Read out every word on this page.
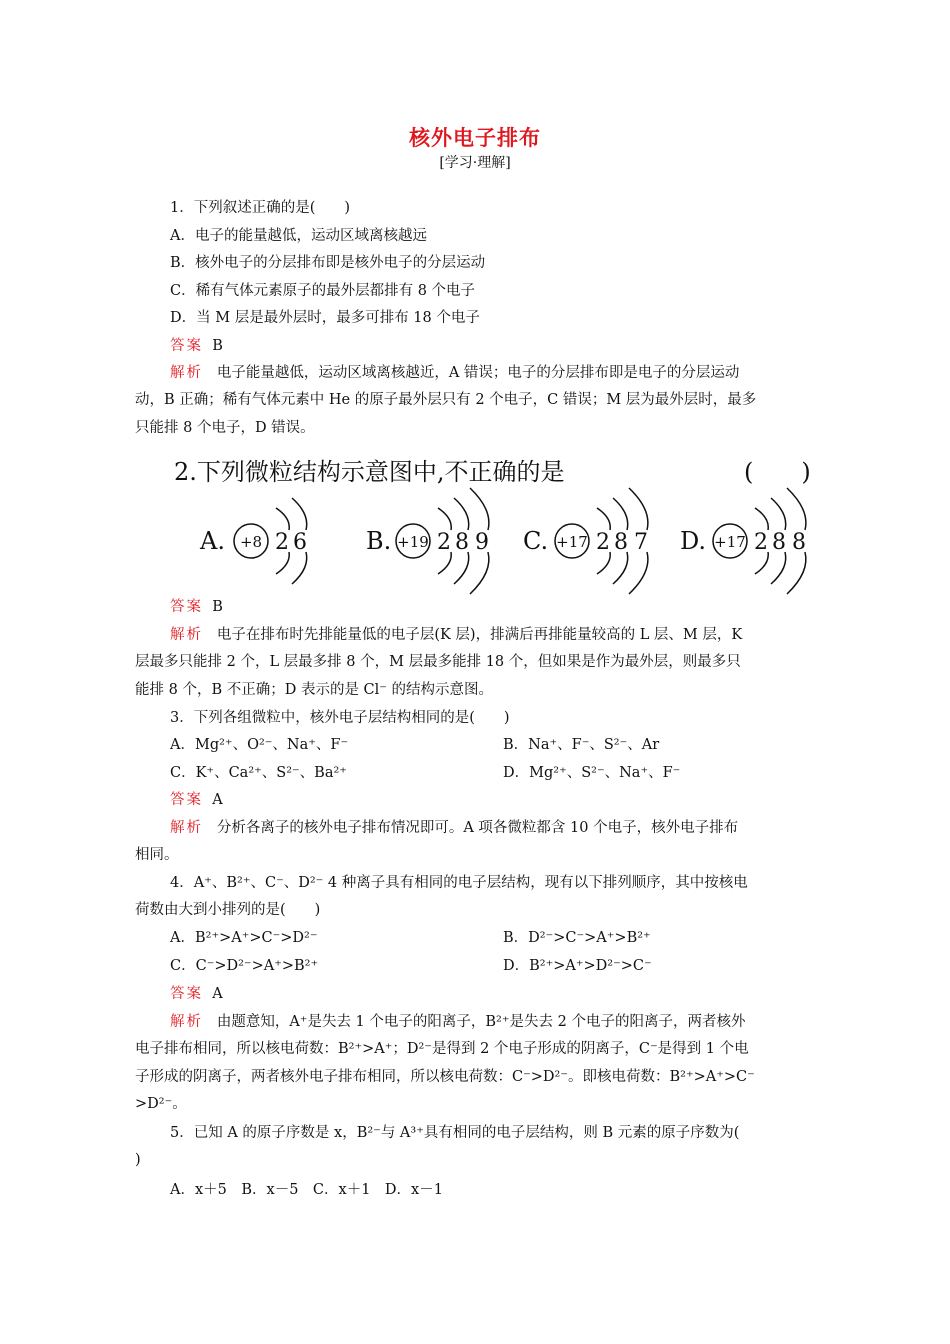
核外电子排布
[学习·理解]
1．下列叙述正确的是(　　)
A．电子的能量越低，运动区域离核越远
B．核外电子的分层排布即是核外电子的分层运动
C．稀有气体元素原子的最外层都排有 8 个电子
D．当 M 层是最外层时，最多可排布 18 个电子
答案 B
解析 电子能量越低，运动区域离核越近，A 错误；电子的分层排布即是电子的分层运动
动，B 正确；稀有气体元素中 He 的原子最外层只有 2 个电子，C 错误；M 层为最外层时，最多
只能排 8 个电子，D 错误。
2.下列微粒结构示意图中,不正确的是	(　　)
A. +8 2 6 B. +19 2 8 9 C. +17 2 8 7 D. +17 2 8 8
答案 B
解析 电子在排布时先排能量低的电子层(K 层)，排满后再排能量较高的 L 层、M 层，K
层最多只能排 2 个，L 层最多排 8 个，M 层最多能排 18 个，但如果是作为最外层，则最多只
能排 8 个，B 不正确；D 表示的是 Cl⁻ 的结构示意图。
3．下列各组微粒中，核外电子层结构相同的是(　　)
A．Mg²⁺、O²⁻、Na⁺、F⁻	B．Na⁺、F⁻、S²⁻、Ar
C．K⁺、Ca²⁺、S²⁻、Ba²⁺	D．Mg²⁺、S²⁻、Na⁺、F⁻
答案 A
解析 分析各离子的核外电子排布情况即可。A 项各微粒都含 10 个电子，核外电子排布
相同。
4．A⁺、B²⁺、C⁻、D²⁻ 4 种离子具有相同的电子层结构，现有以下排列顺序，其中按核电
荷数由大到小排列的是(　　)
A．B²⁺>A⁺>C⁻>D²⁻	B．D²⁻>C⁻>A⁺>B²⁺
C．C⁻>D²⁻>A⁺>B²⁺	D．B²⁺>A⁺>D²⁻>C⁻
答案 A
解析 由题意知，A⁺是失去 1 个电子的阳离子，B²⁺是失去 2 个电子的阳离子，两者核外
电子排布相同，所以核电荷数：B²⁺>A⁺；D²⁻是得到 2 个电子形成的阴离子，C⁻是得到 1 个电
子形成的阴离子，两者核外电子排布相同，所以核电荷数：C⁻>D²⁻。即核电荷数：B²⁺>A⁺>C⁻
>D²⁻。
5．已知 A 的原子序数是 x，B²⁻与 A³⁺具有相同的电子层结构，则 B 元素的原子序数为(
)
A．x＋5　B．x－5　C．x＋1　D．x－1
